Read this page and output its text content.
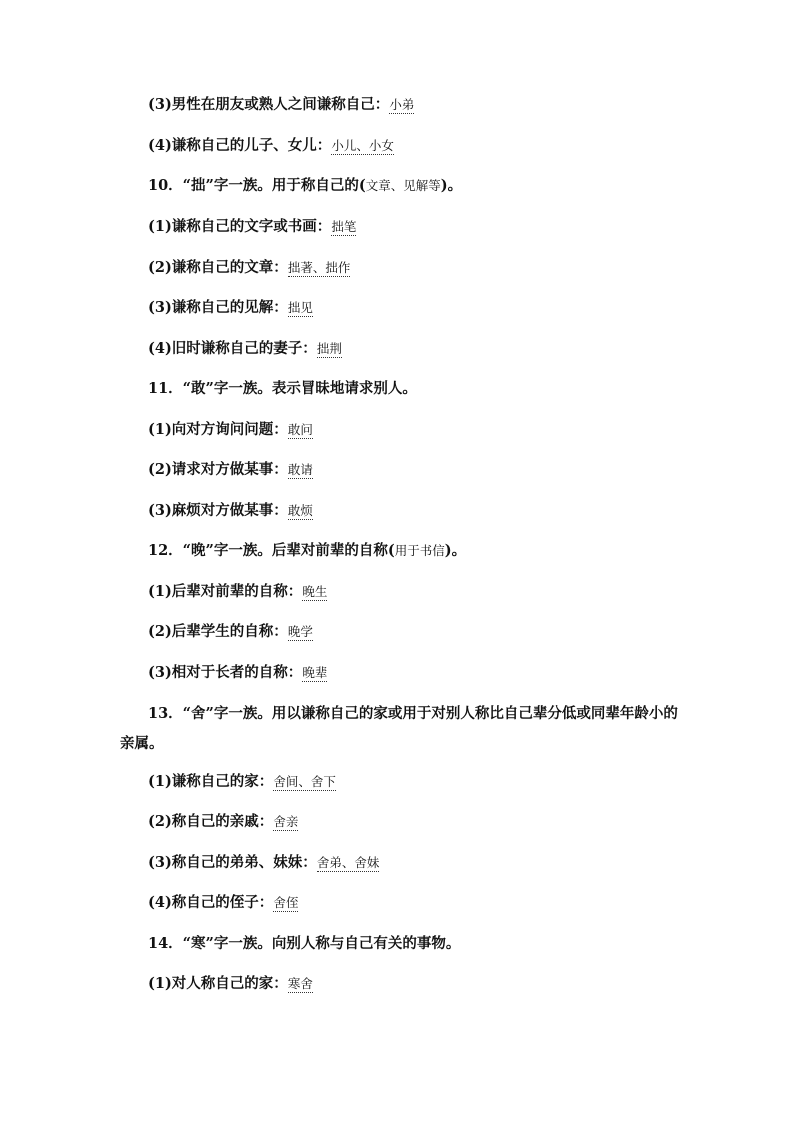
(3)男性在朋友或熟人之间谦称自己：小弟
(4)谦称自己的儿子、女儿：小儿、小女
10．“拙”字一族。用于称自己的(文章、见解等)。
(1)谦称自己的文字或书画：拙笔
(2)谦称自己的文章：拙著、拙作
(3)谦称自己的见解：拙见
(4)旧时谦称自己的妻子：拙荆
11．“敢”字一族。表示冒昧地请求别人。
(1)向对方询问问题：敢问
(2)请求对方做某事：敢请
(3)麻烦对方做某事：敢烦
12．“晚”字一族。后辈对前辈的自称(用于书信)。
(1)后辈对前辈的自称：晚生
(2)后辈学生的自称：晚学
(3)相对于长者的自称：晚辈
13．“舍”字一族。用以谦称自己的家或用于对别人称比自己辈分低或同辈年龄小的亲属。
(1)谦称自己的家：舍间、舍下
(2)称自己的亲戚：舍亲
(3)称自己的弟弟、妹妹：舍弟、舍妹
(4)称自己的侄子：舍侄
14．“寒”字一族。向别人称与自己有关的事物。
(1)对人称自己的家：寒舍
